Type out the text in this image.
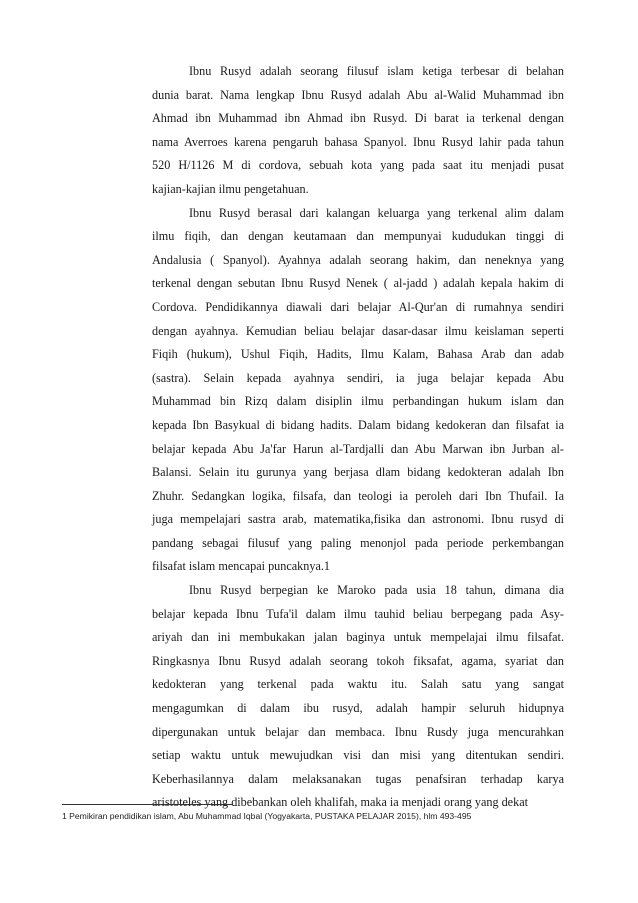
Ibnu Rusyd adalah seorang filusuf islam ketiga terbesar di belahan
dunia barat. Nama lengkap Ibnu Rusyd adalah Abu al-Walid Muhammad ibn
Ahmad ibn Muhammad ibn Ahmad ibn Rusyd. Di barat ia terkenal dengan
nama Averroes karena pengaruh bahasa Spanyol. Ibnu Rusyd lahir pada tahun
520 H/1126 M di cordova, sebuah kota yang pada saat itu menjadi pusat
kajian-kajian ilmu pengetahuan.
Ibnu Rusyd berasal dari kalangan keluarga yang terkenal alim dalam
ilmu fiqih, dan dengan keutamaan dan mempunyai kududukan tinggi di
Andalusia ( Spanyol). Ayahnya adalah seorang hakim, dan neneknya yang
terkenal dengan sebutan Ibnu Rusyd Nenek ( al-jadd ) adalah kepala hakim di
Cordova. Pendidikannya diawali dari belajar Al-Qur'an di rumahnya sendiri
dengan ayahnya. Kemudian beliau belajar dasar-dasar ilmu keislaman seperti
Fiqih (hukum), Ushul Fiqih, Hadits, Ilmu Kalam, Bahasa Arab dan adab
(sastra). Selain kepada ayahnya sendiri, ia juga belajar kepada Abu
Muhammad bin Rizq dalam disiplin ilmu perbandingan hukum islam dan
kepada Ibn Basykual di bidang hadits. Dalam bidang kedokeran dan filsafat ia
belajar kepada Abu Ja'far Harun al-Tardjalli dan Abu Marwan ibn Jurban al-
Balansi. Selain itu gurunya yang berjasa dlam bidang kedokteran adalah Ibn
Zhuhr. Sedangkan logika, filsafa, dan teologi ia peroleh dari Ibn Thufail. Ia
juga mempelajari sastra arab, matematika,fisika dan astronomi. Ibnu rusyd di
pandang sebagai filusuf yang paling menonjol pada periode perkembangan
filsafat islam mencapai puncaknya.1
Ibnu Rusyd berpegian ke Maroko pada usia 18 tahun, dimana dia
belajar kepada Ibnu Tufa'il dalam ilmu tauhid beliau berpegang pada Asy-
ariyah dan ini membukakan jalan baginya untuk mempelajai ilmu filsafat.
Ringkasnya Ibnu Rusyd adalah seorang tokoh fiksafat, agama, syariat dan
kedokteran yang terkenal pada waktu itu. Salah satu yang sangat
mengagumkan di dalam ibu rusyd, adalah hampir seluruh hidupnya
dipergunakan untuk belajar dan membaca. Ibnu Rusdy juga mencurahkan
setiap waktu untuk mewujudkan visi dan misi yang ditentukan sendiri.
Keberhasilannya dalam melaksanakan tugas penafsiran terhadap karya
aristoteles yang dibebankan oleh khalifah, maka ia menjadi orang yang dekat
1 Pemikiran pendidikan islam, Abu Muhammad Iqbal (Yogyakarta, PUSTAKA PELAJAR 2015), hlm 493-495
